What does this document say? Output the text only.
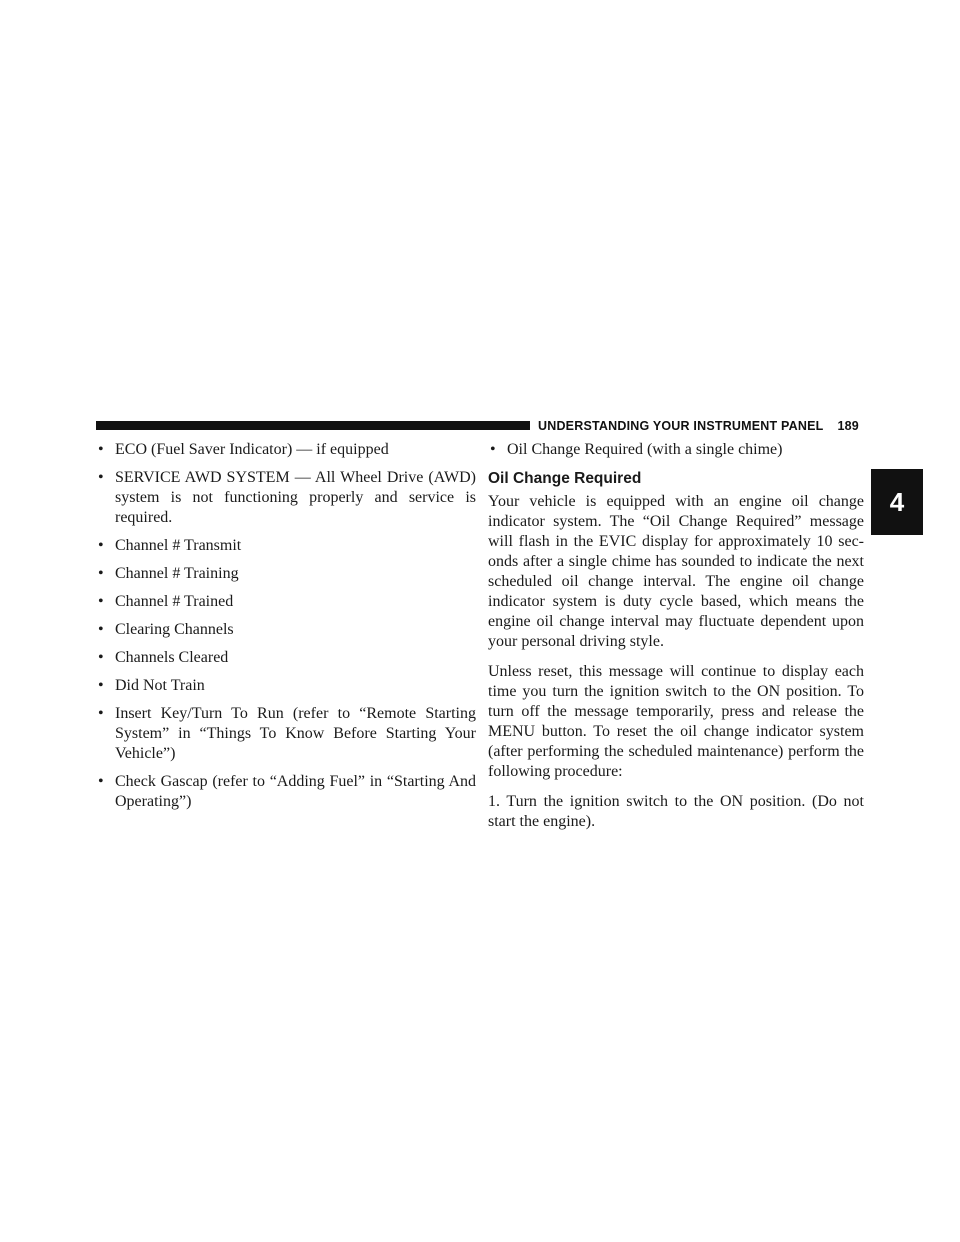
UNDERSTANDING YOUR INSTRUMENT PANEL 189
4
• ECO (Fuel Saver Indicator) — if equipped
• SERVICE AWD SYSTEM — All Wheel Drive (AWD) system is not functioning properly and service is required.
• Channel # Transmit
• Channel # Training
• Channel # Trained
• Clearing Channels
• Channels Cleared
• Did Not Train
• Insert Key/Turn To Run (refer to “Remote Starting System” in “Things To Know Before Starting Your Vehicle”)
• Check Gascap (refer to “Adding Fuel” in “Starting And Operating”)
• Oil Change Required (with a single chime)
Oil Change Required

Your vehicle is equipped with an engine oil change indicator system. The “Oil Change Required” message will flash in the EVIC display for approximately 10 sec-onds after a single chime has sounded to indicate the next scheduled oil change interval. The engine oil change indicator system is duty cycle based, which means the engine oil change interval may fluctuate dependent upon your personal driving style.

Unless reset, this message will continue to display each time you turn the ignition switch to the ON position. To turn off the message temporarily, press and release the MENU button. To reset the oil change indicator system (after performing the scheduled maintenance) perform the following procedure:

1. Turn the ignition switch to the ON position. (Do not start the engine).
